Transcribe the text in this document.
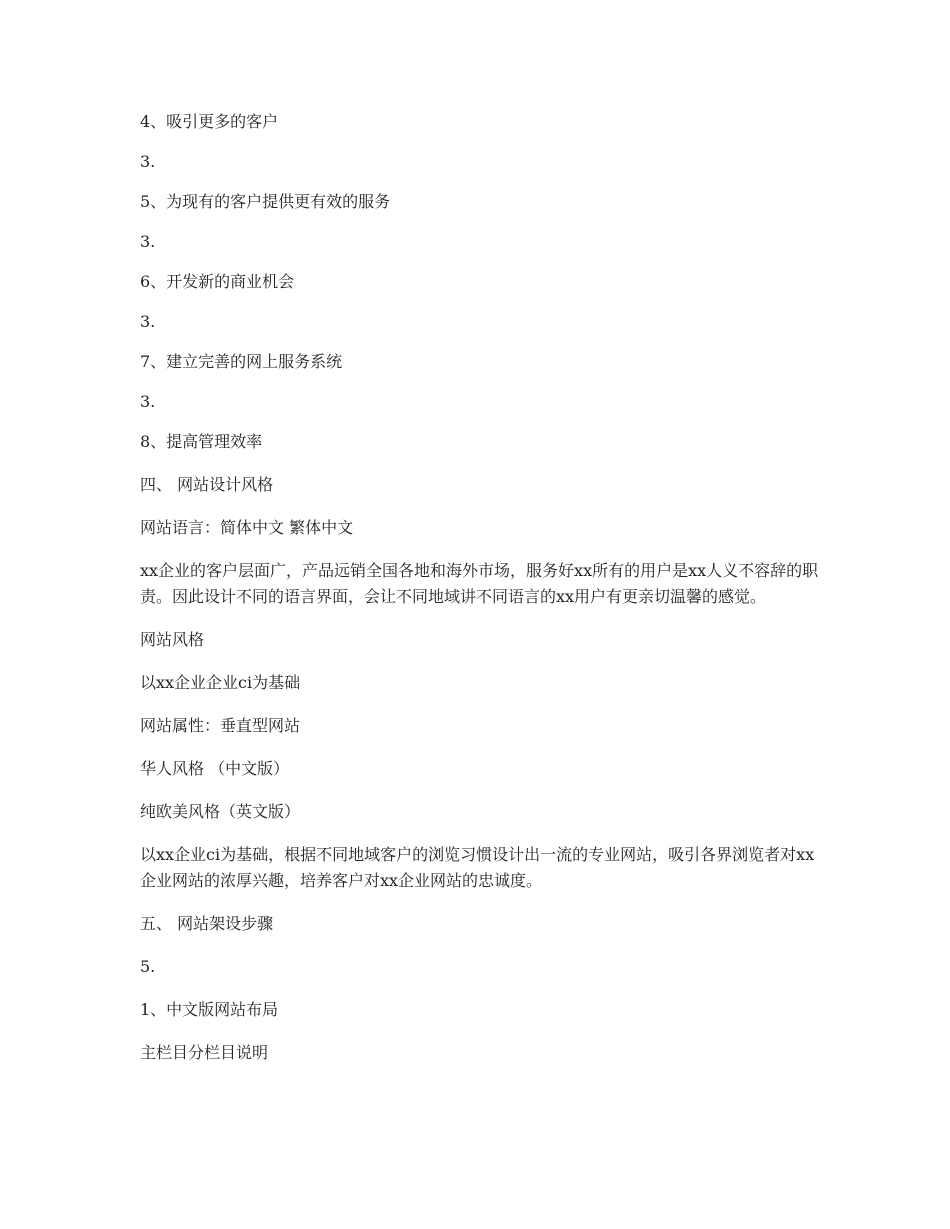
4、吸引更多的客户

3.

5、为现有的客户提供更有效的服务

3.

6、开发新的商业机会

3.

7、建立完善的网上服务系统

3.

8、提高管理效率

四、 网站设计风格

网站语言：简体中文 繁体中文

xx企业的客户层面广，产品远销全国各地和海外市场，服务好xx所有的用户是xx人义不容辞的职责。因此设计不同的语言界面，会让不同地域讲不同语言的xx用户有更亲切温馨的感觉。

网站风格

以xx企业企业ci为基础

网站属性：垂直型网站

华人风格 （中文版）

纯欧美风格（英文版）

以xx企业ci为基础，根据不同地域客户的浏览习惯设计出一流的专业网站，吸引各界浏览者对xx企业网站的浓厚兴趣，培养客户对xx企业网站的忠诚度。

五、 网站架设步骤

5.

1、中文版网站布局

主栏目分栏目说明
